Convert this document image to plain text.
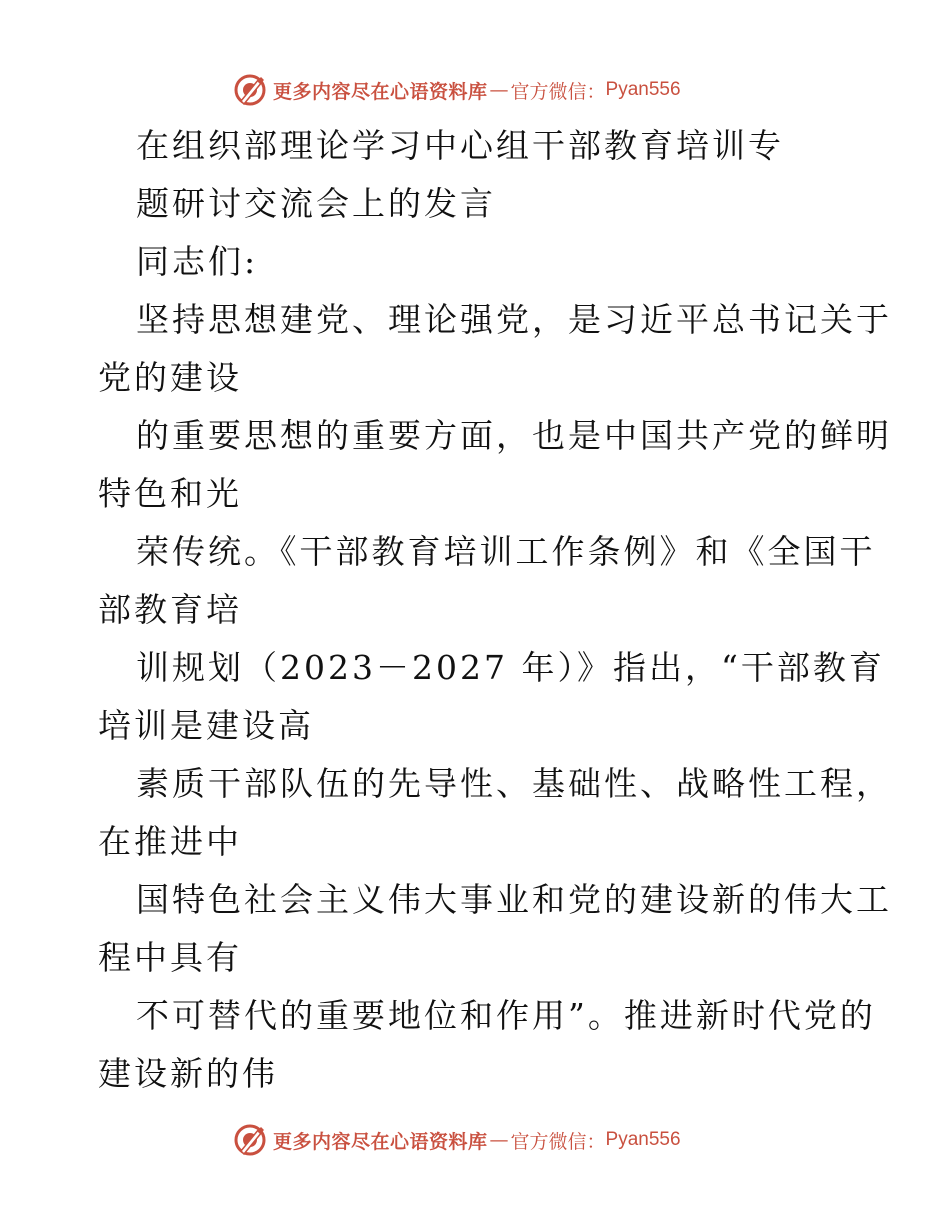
更多内容尽在心语资料库 — 官方微信： Pyan556
在组织部理论学习中心组干部教育培训专
题研讨交流会上的发言
同志们:
坚持思想建党、理论强党，是习近平总书记关于
党的建设
的重要思想的重要方面，也是中国共产党的鲜明
特色和光
荣传统。《干部教育培训工作条例》和《全国干
部教育培
训规划（2023－2027 年）》指出，“干部教育
培训是建设高
素质干部队伍的先导性、基础性、战略性工程，
在推进中
国特色社会主义伟大事业和党的建设新的伟大工
程中具有
不可替代的重要地位和作用”。推进新时代党的
建设新的伟
更多内容尽在心语资料库 — 官方微信： Pyan556
